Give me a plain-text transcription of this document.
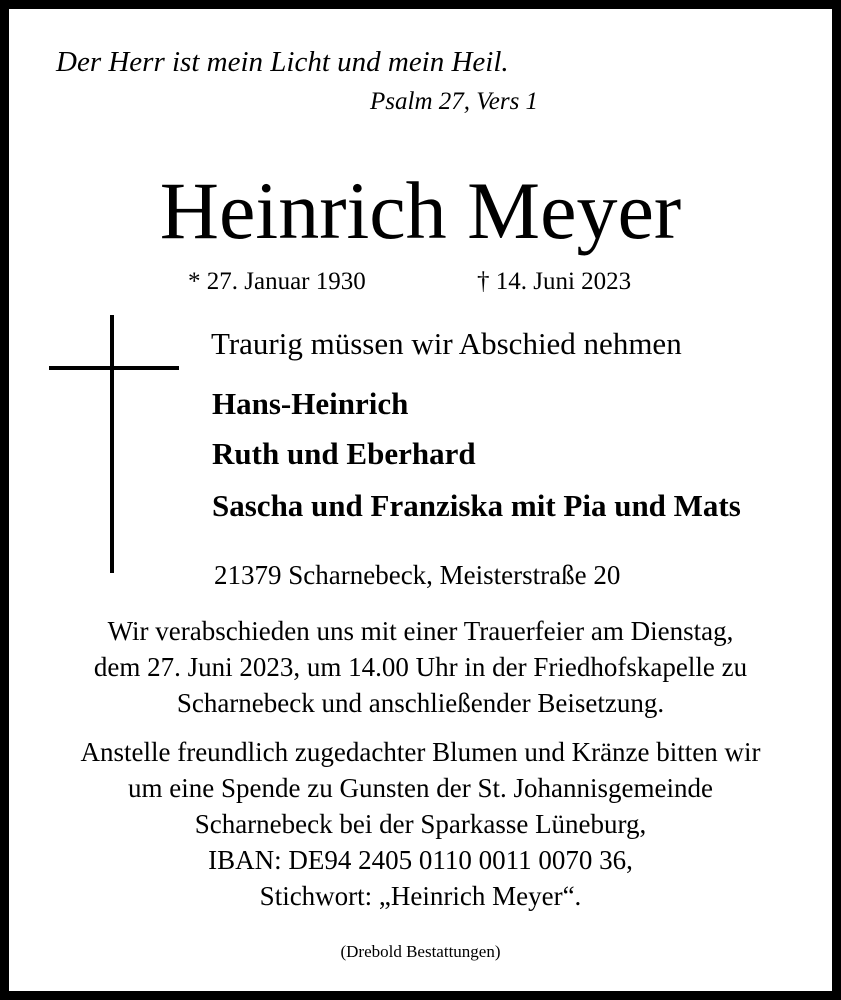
Der Herr ist mein Licht und mein Heil.

Psalm 27, Vers 1

Heinrich Meyer
* 27. Januar 1930	† 14. Juni 2023

Traurig müssen wir Abschied nehmen

Hans-Heinrich

Ruth und Eberhard

Sascha und Franziska mit Pia und Mats

21379 Scharnebeck, Meisterstraße 20

Wir verabschieden uns mit einer Trauerfeier am Dienstag,

dem 27. Juni 2023, um 14.00 Uhr in der Friedhofskapelle zu

Scharnebeck und anschließender Beisetzung.

Anstelle freundlich zugedachter Blumen und Kränze bitten wir

um eine Spende zu Gunsten der St. Johannisgemeinde

Scharnebeck bei der Sparkasse Lüneburg,

IBAN: DE94 2405 0110 0011 0070 36,

Stichwort: „Heinrich Meyer“.

(Drebold Bestattungen)
